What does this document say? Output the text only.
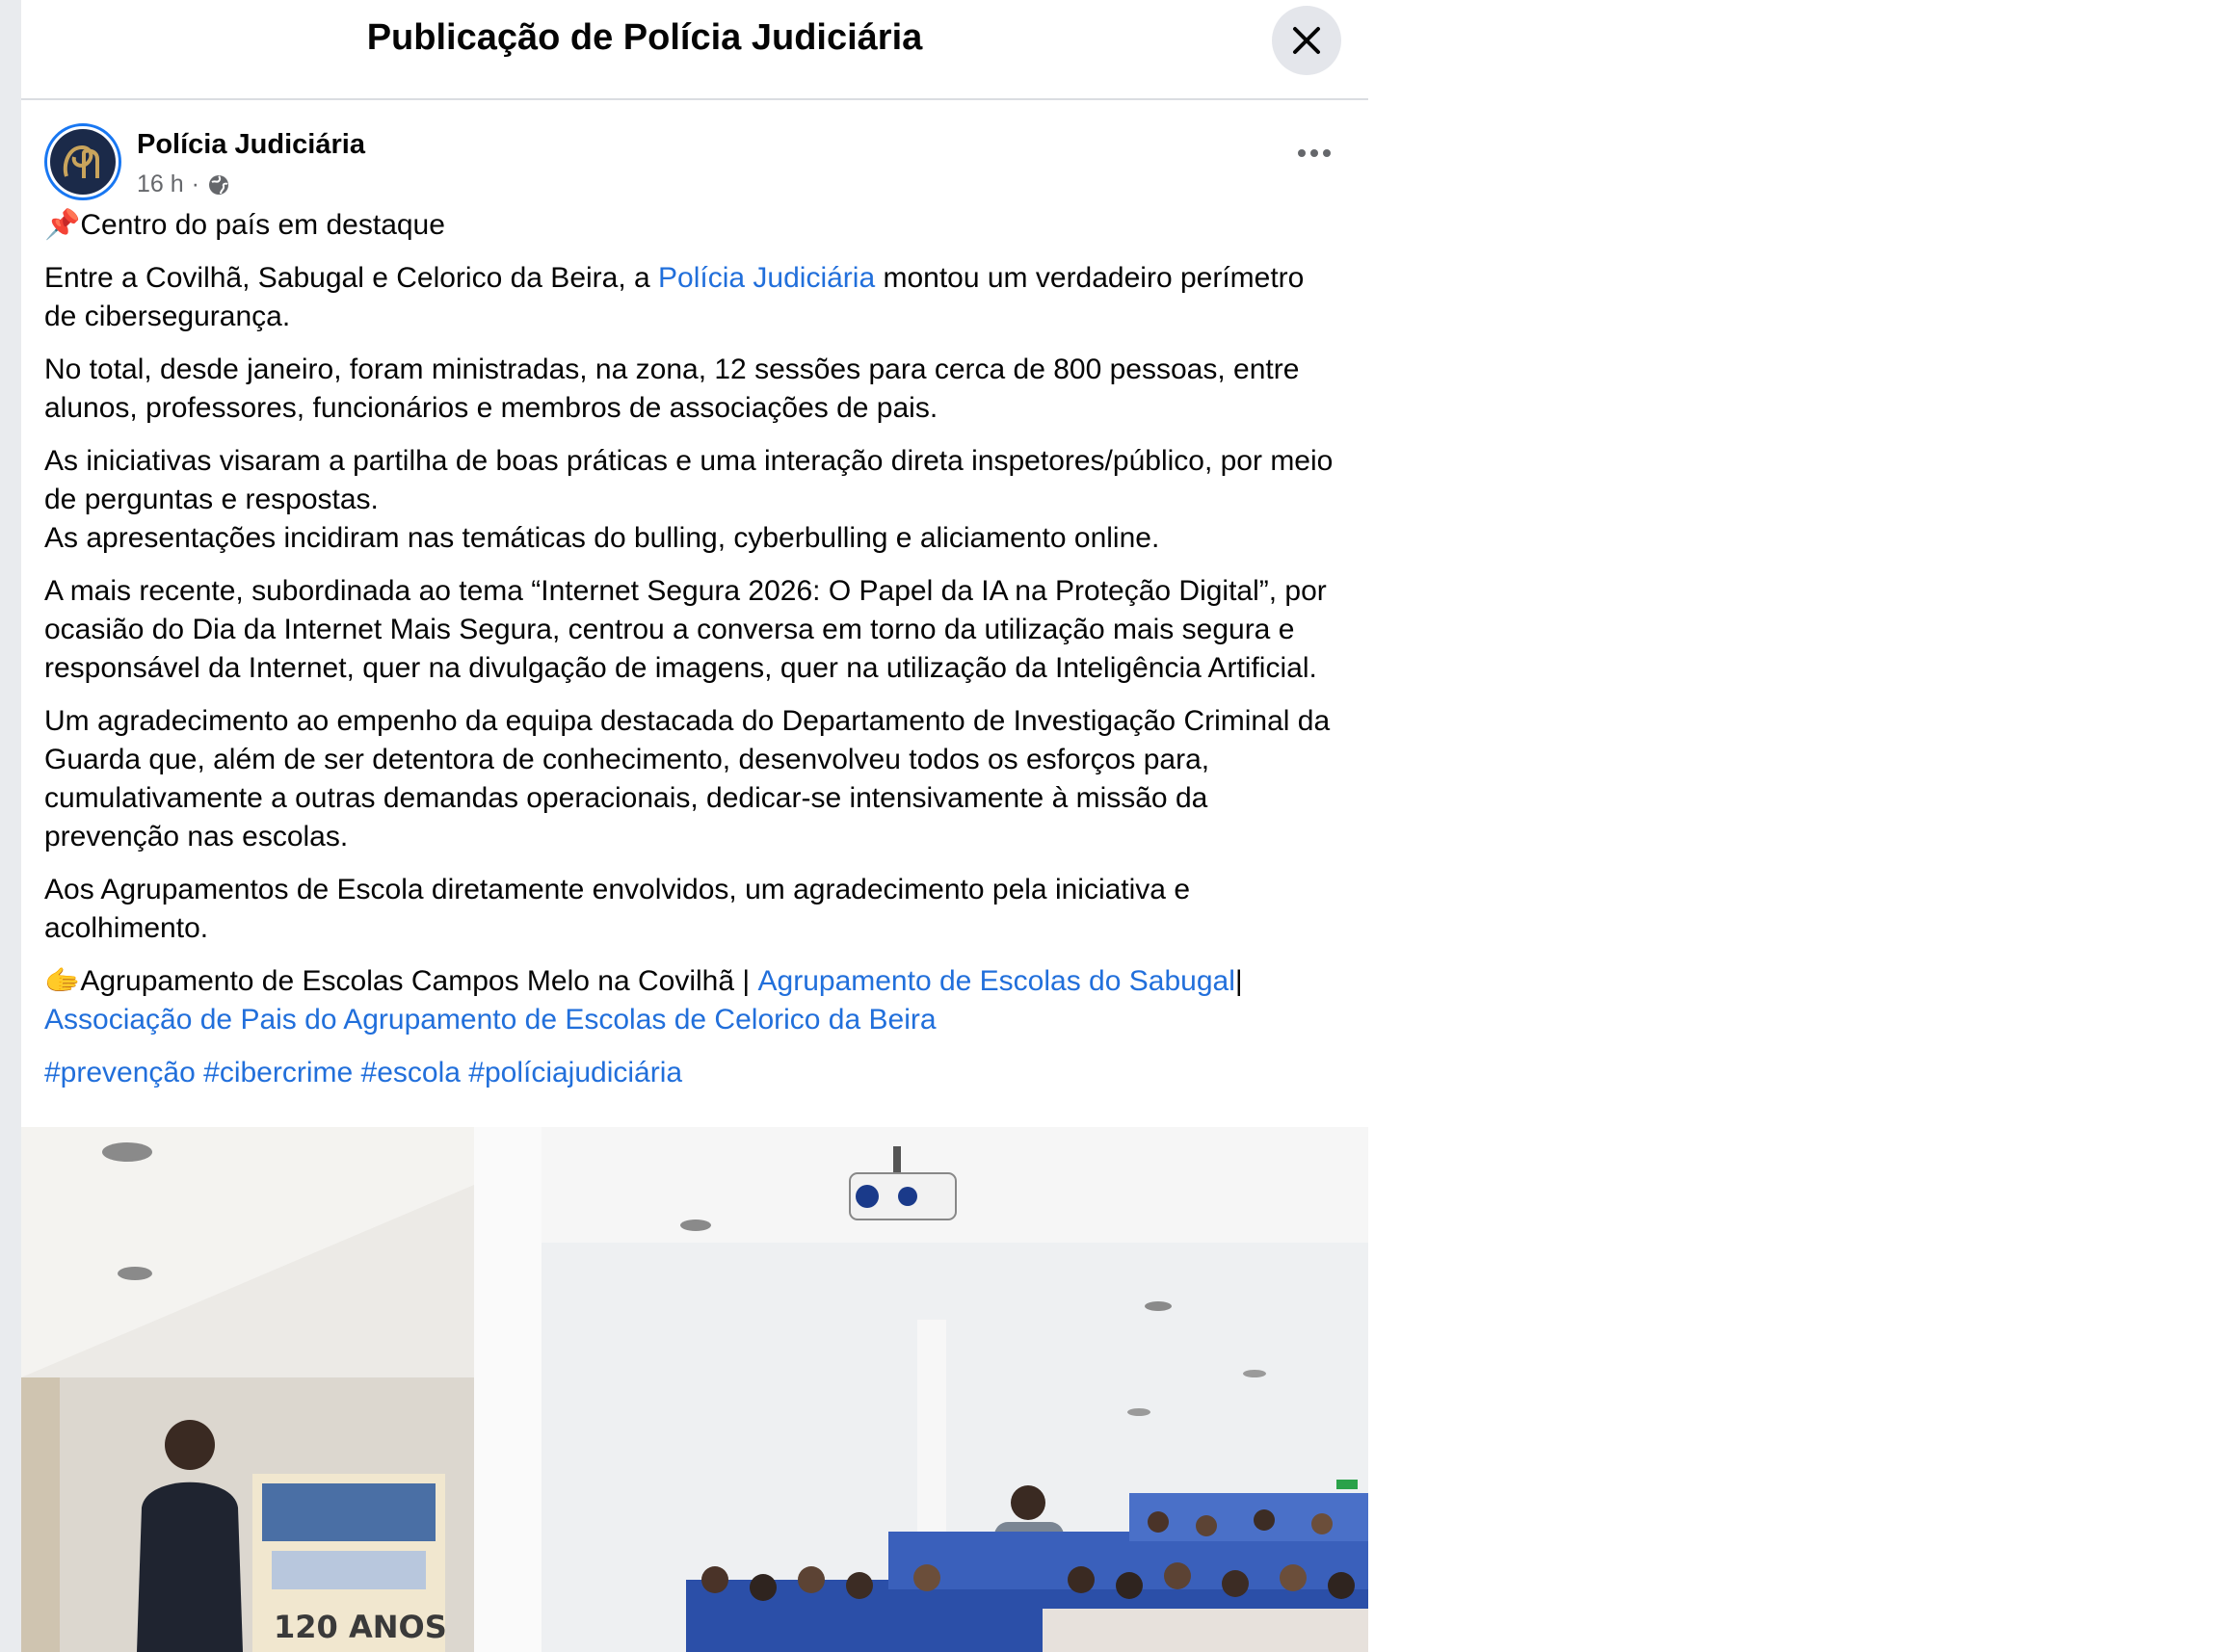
Publicação de Polícia Judiciária
Polícia Judiciária
16 h ·

📌Centro do país em destaque

Entre a Covilhã, Sabugal e Celorico da Beira, a Polícia Judiciária montou um verdadeiro perímetro de cibersegurança.

No total, desde janeiro, foram ministradas, na zona, 12 sessões para cerca de 800 pessoas, entre alunos, professores, funcionários e membros de associações de pais.

As iniciativas visaram a partilha de boas práticas e uma interação direta inspetores/público, por meio de perguntas e respostas.
As apresentações incidiram nas temáticas do bulling, cyberbulling e aliciamento online.

A mais recente, subordinada ao tema “Internet Segura 2026: O Papel da IA na Proteção Digital”, por ocasião do Dia da Internet Mais Segura, centrou a conversa em torno da utilização mais segura e responsável da Internet, quer na divulgação de imagens, quer na utilização da Inteligência Artificial.

Um agradecimento ao empenho da equipa destacada do Departamento de Investigação Criminal da Guarda que, além de ser detentora de conhecimento, desenvolveu todos os esforços para, cumulativamente a outras demandas operacionais, dedicar-se intensivamente à missão da prevenção nas escolas.

Aos Agrupamentos de Escola diretamente envolvidos, um agradecimento pela iniciativa e acolhimento.

🫱Agrupamento de Escolas Campos Melo na Covilhã | Agrupamento de Escolas do Sabugal|
Associação de Pais do Agrupamento de Escolas de Celorico da Beira

#prevenção #cibercrime #escola #políciajudiciária

120 ANOS
